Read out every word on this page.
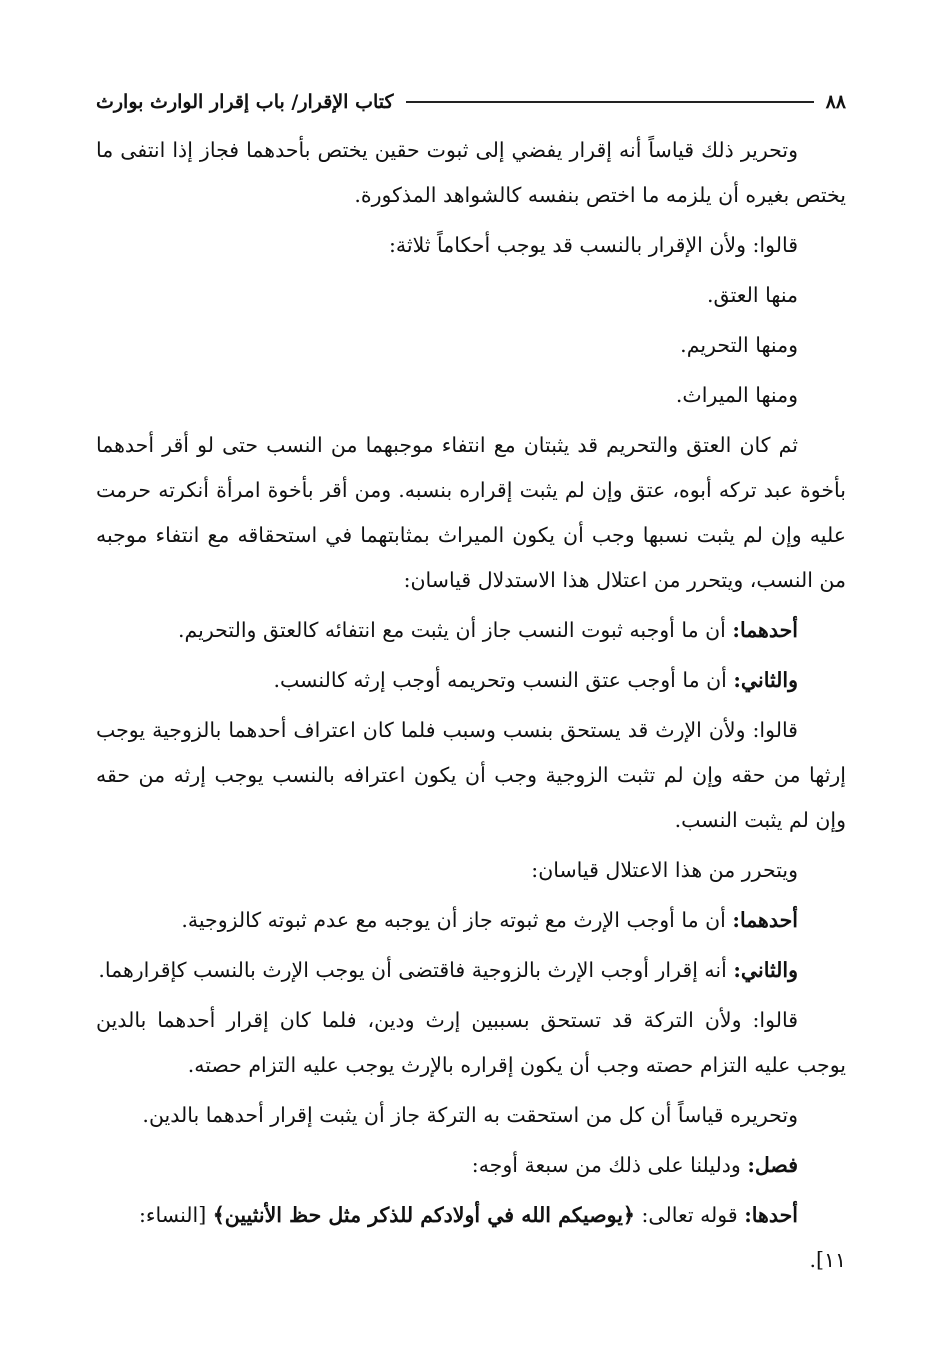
٨٨
كتاب الإقرار/ باب إقرار الوارث بوارث

وتحرير ذلك قياساً أنه إقرار يفضي إلى ثبوت حقين يختص بأحدهما فجاز إذا انتفى ما يختص بغيره أن يلزمه ما اختص بنفسه كالشواهد المذكورة.

قالوا: ولأن الإقرار بالنسب قد يوجب أحكاماً ثلاثة:

منها العتق.

ومنها التحريم.

ومنها الميراث.

ثم كان العتق والتحريم قد يثبتان مع انتفاء موجبهما من النسب حتى لو أقر أحدهما بأخوة عبد تركه أبوه، عتق وإن لم يثبت إقراره بنسبه. ومن أقر بأخوة امرأة أنكرته حرمت عليه وإن لم يثبت نسبها وجب أن يكون الميراث بمثابتهما في استحقاقه مع انتفاء موجبه من النسب، ويتحرر من اعتلال هذا الاستدلال قياسان:

أحدهما: أن ما أوجبه ثبوت النسب جاز أن يثبت مع انتفائه كالعتق والتحريم.

والثاني: أن ما أوجب عتق النسب وتحريمه أوجب إرثه كالنسب.

قالوا: ولأن الإرث قد يستحق بنسب وسبب فلما كان اعتراف أحدهما بالزوجية يوجب إرثها من حقه وإن لم تثبت الزوجية وجب أن يكون اعترافه بالنسب يوجب إرثه من حقه وإن لم يثبت النسب.

ويتحرر من هذا الاعتلال قياسان:

أحدهما: أن ما أوجب الإرث مع ثبوته جاز أن يوجبه مع عدم ثبوته كالزوجية.

والثاني: أنه إقرار أوجب الإرث بالزوجية فاقتضى أن يوجب الإرث بالنسب كإقرارهما.

قالوا: ولأن التركة قد تستحق بسببين إرث ودين، فلما كان إقرار أحدهما بالدين يوجب عليه التزام حصته وجب أن يكون إقراره بالإرث يوجب عليه التزام حصته.

وتحريره قياساً أن كل من استحقت به التركة جاز أن يثبت إقرار أحدهما بالدين.

فصل: ودليلنا على ذلك من سبعة أوجه:

أحدها: قوله تعالى: ﴿يوصيكم الله في أولادكم للذكر مثل حظ الأنثيين﴾ [النساء: ١١].
